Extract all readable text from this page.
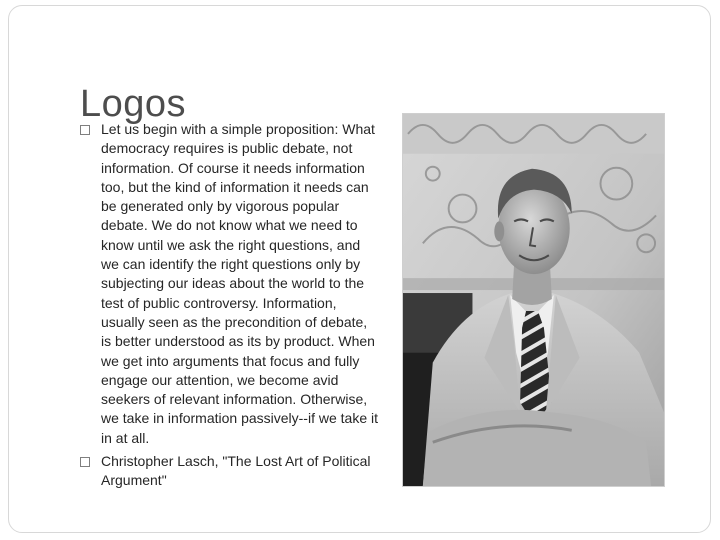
Logos
Let us begin with a simple proposition: What democracy requires is public debate, not information. Of course it needs information too, but the kind of information it needs can be generated only by vigorous popular debate. We do not know what we need to know until we ask the right questions, and we can identify the right questions only by subjecting our ideas about the world to the test of public controversy. Information, usually seen as the precondition of debate, is better understood as its by product. When we get into arguments that focus and fully engage our attention, we become avid seekers of relevant information. Otherwise, we take in information passively--if we take it in at all.
Christopher Lasch, "The Lost Art of Political Argument"
